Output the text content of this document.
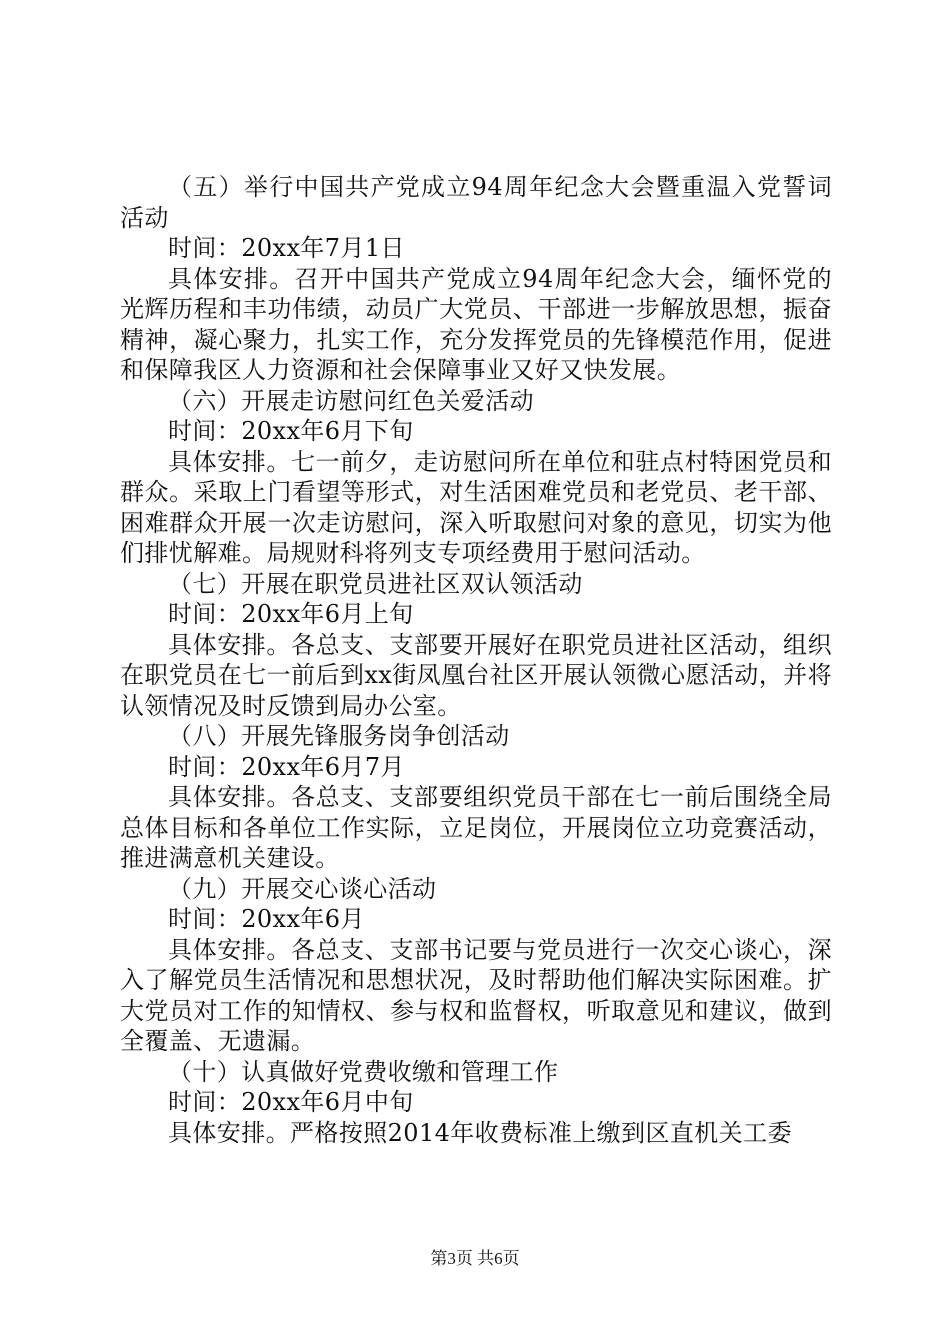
（五）举行中国共产党成立94周年纪念大会暨重温入党誓词活动

时间：20xx年7月1日

具体安排。召开中国共产党成立94周年纪念大会，缅怀党的光辉历程和丰功伟绩，动员广大党员、干部进一步解放思想，振奋精神，凝心聚力，扎实工作，充分发挥党员的先锋模范作用，促进和保障我区人力资源和社会保障事业又好又快发展。

（六）开展走访慰问红色关爱活动

时间：20xx年6月下旬

具体安排。七一前夕，走访慰问所在单位和驻点村特困党员和群众。采取上门看望等形式，对生活困难党员和老党员、老干部、困难群众开展一次走访慰问，深入听取慰问对象的意见，切实为他们排忧解难。局规财科将列支专项经费用于慰问活动。

（七）开展在职党员进社区双认领活动

时间：20xx年6月上旬

具体安排。各总支、支部要开展好在职党员进社区活动，组织在职党员在七一前后到xx街凤凰台社区开展认领微心愿活动，并将认领情况及时反馈到局办公室。

（八）开展先锋服务岗争创活动

时间：20xx年6月7月

具体安排。各总支、支部要组织党员干部在七一前后围绕全局总体目标和各单位工作实际，立足岗位，开展岗位立功竞赛活动，推进满意机关建设。

（九）开展交心谈心活动

时间：20xx年6月

具体安排。各总支、支部书记要与党员进行一次交心谈心，深入了解党员生活情况和思想状况，及时帮助他们解决实际困难。扩大党员对工作的知情权、参与权和监督权，听取意见和建议，做到全覆盖、无遗漏。

（十）认真做好党费收缴和管理工作

时间：20xx年6月中旬

具体安排。严格按照2014年收费标准上缴到区直机关工委

第3页 共6页
